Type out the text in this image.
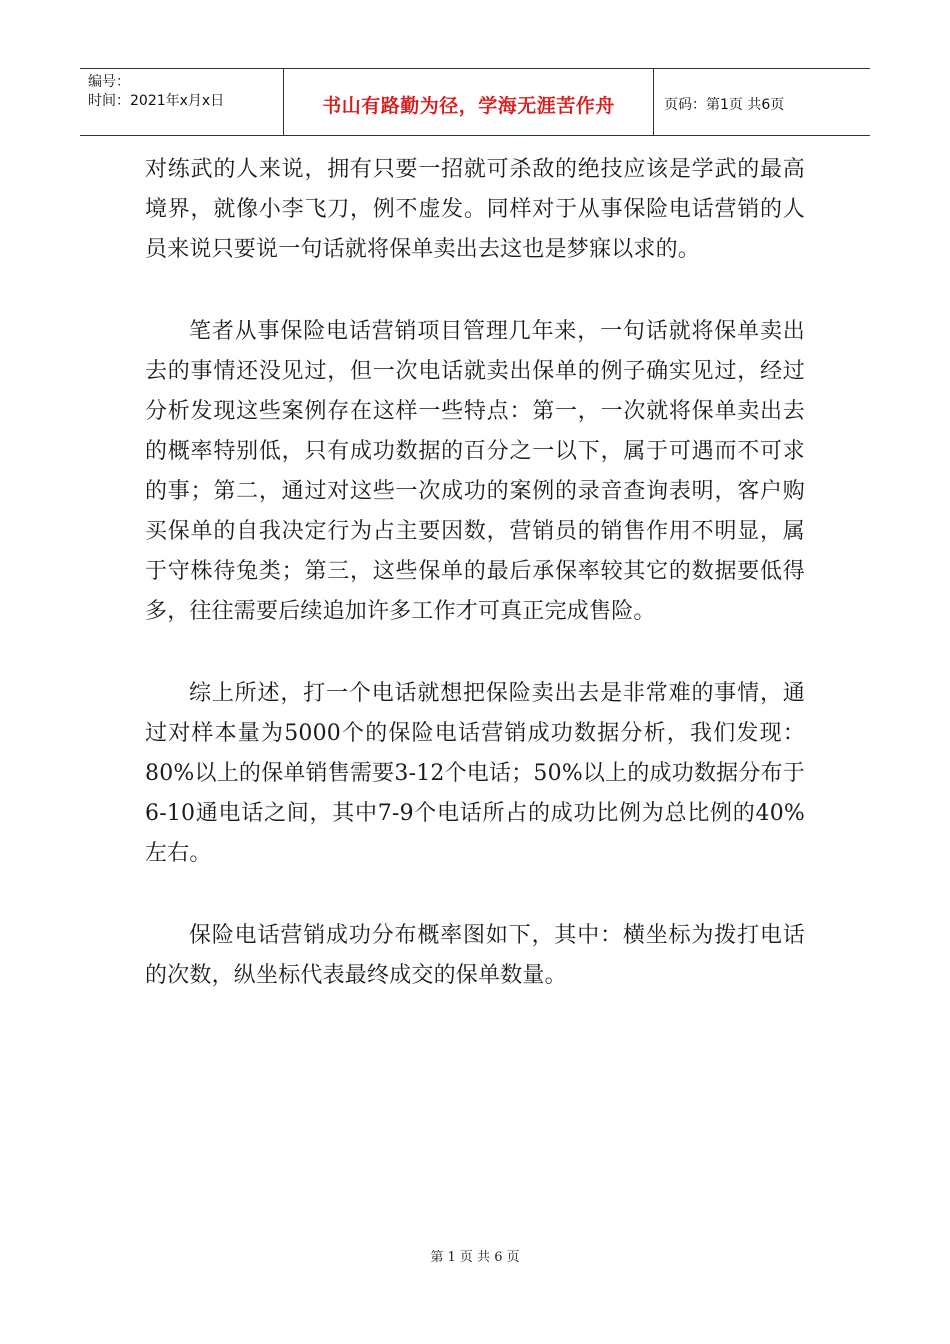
编号：
时间：2021年x月x日	书山有路勤为径，学海无涯苦作舟	页码：第1页 共6页

对练武的人来说，拥有只要一招就可杀敌的绝技应该是学武的最高境界，就像小李飞刀，例不虚发。同样对于从事保险电话营销的人员来说只要说一句话就将保单卖出去这也是梦寐以求的。

笔者从事保险电话营销项目管理几年来，一句话就将保单卖出去的事情还没见过，但一次电话就卖出保单的例子确实见过，经过分析发现这些案例存在这样一些特点：第一，一次就将保单卖出去的概率特别低，只有成功数据的百分之一以下，属于可遇而不可求的事；第二，通过对这些一次成功的案例的录音查询表明，客户购买保单的自我决定行为占主要因数，营销员的销售作用不明显，属于守株待兔类；第三，这些保单的最后承保率较其它的数据要低得多，往往需要后续追加许多工作才可真正完成售险。

综上所述，打一个电话就想把保险卖出去是非常难的事情，通过对样本量为5000个的保险电话营销成功数据分析，我们发现：80%以上的保单销售需要3-12个电话；50%以上的成功数据分布于6-10通电话之间，其中7-9个电话所占的成功比例为总比例的40%左右。

保险电话营销成功分布概率图如下，其中：横坐标为拨打电话的次数，纵坐标代表最终成交的保单数量。

第 1 页 共 6 页
